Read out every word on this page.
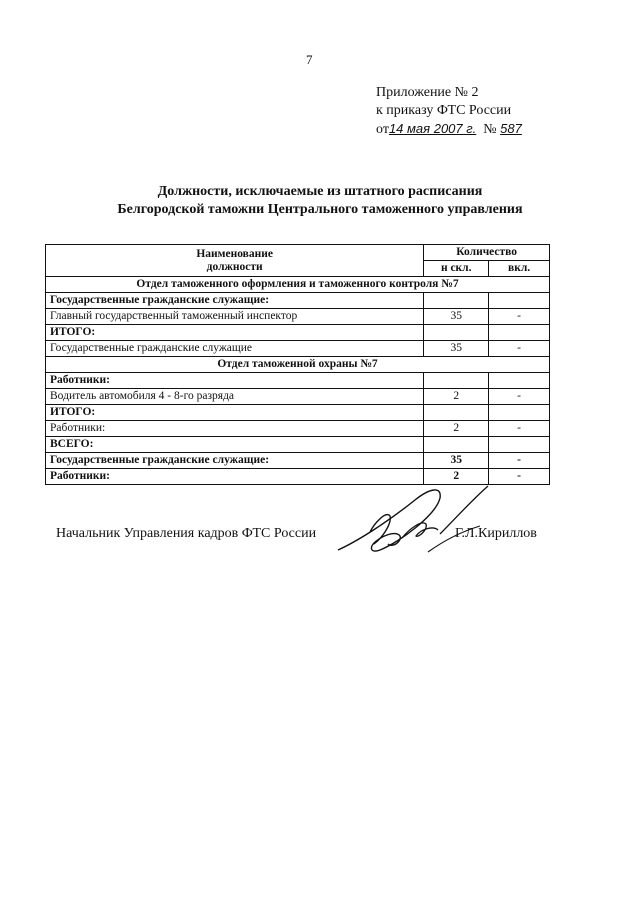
7
Приложение № 2
к приказу ФТС России
от14 мая 2007 г. № 587
Должности, исключаемые из штатного расписания
Белгородской таможни Центрального таможенного управления
Наименование
должности	Количество	
	н скл.	вкл.
Отдел таможенного оформления и таможенного контроля №7		
Государственные гражданские служащие:		
Главный государственный таможенный инспектор	35	-
ИТОГО:		
Государственные гражданские служащие	35	-
Отдел таможенной охраны №7		
Работники:		
Водитель автомобиля 4 - 8-го разряда	2	-
ИТОГО:		
Работники:	2	-
ВСЕГО:		
Государственные гражданские служащие:	35	-
Работники:	2	-
Начальник Управления кадров ФТС России	Г.Л.Кириллов
